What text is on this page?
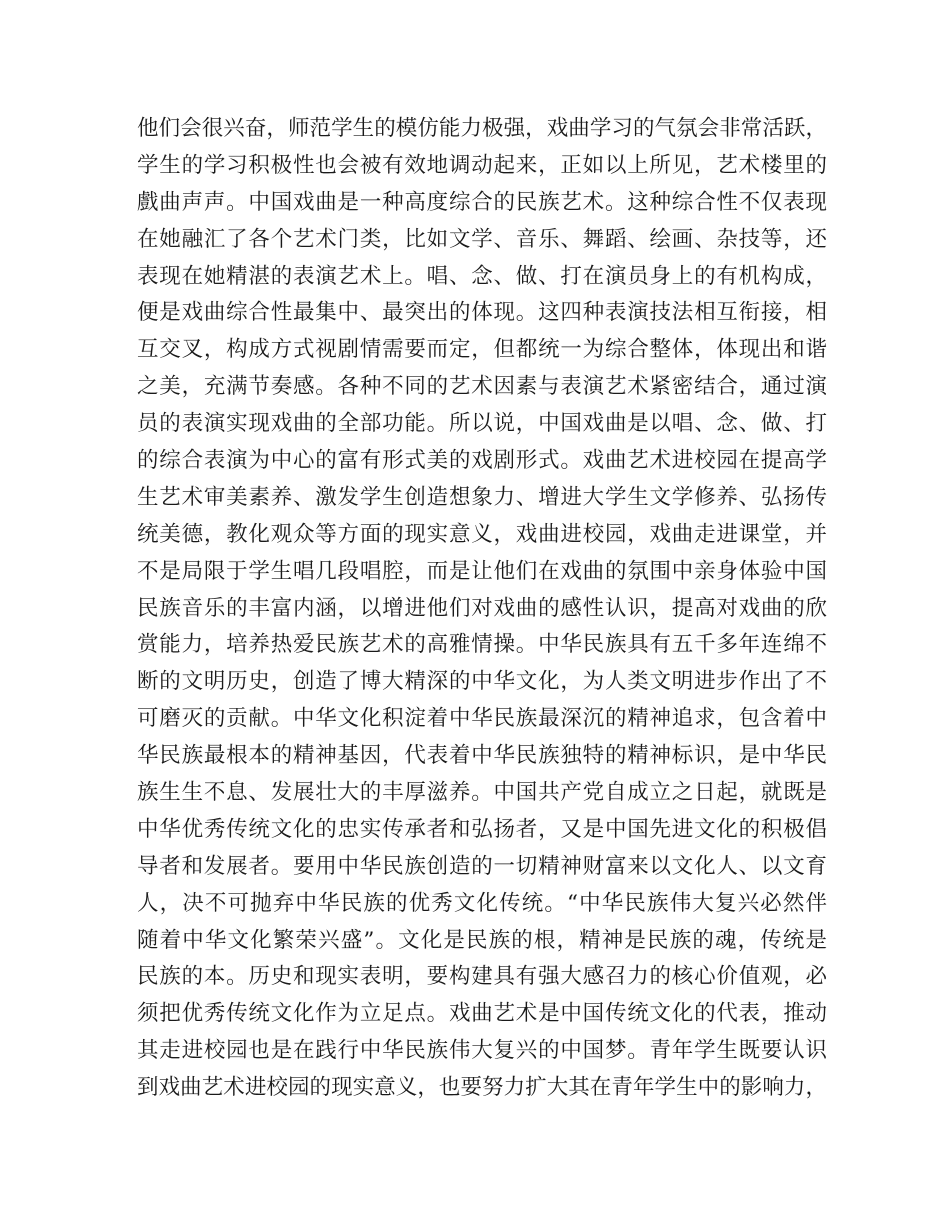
他们会很兴奋，师范学生的模仿能力极强，戏曲学习的气氛会非常活跃，
学生的学习积极性也会被有效地调动起来，正如以上所见，艺术楼里的
戲曲声声。中国戏曲是一种高度综合的民族艺术。这种综合性不仅表现
在她融汇了各个艺术门类，比如文学、音乐、舞蹈、绘画、杂技等，还
表现在她精湛的表演艺术上。唱、念、做、打在演员身上的有机构成，
便是戏曲综合性最集中、最突出的体现。这四种表演技法相互衔接，相
互交叉，构成方式视剧情需要而定，但都统一为综合整体，体现出和谐
之美，充满节奏感。各种不同的艺术因素与表演艺术紧密结合，通过演
员的表演实现戏曲的全部功能。所以说，中国戏曲是以唱、念、做、打
的综合表演为中心的富有形式美的戏剧形式。戏曲艺术进校园在提高学
生艺术审美素养、激发学生创造想象力、增进大学生文学修养、弘扬传
统美德，教化观众等方面的现实意义，戏曲进校园，戏曲走进课堂，并
不是局限于学生唱几段唱腔，而是让他们在戏曲的氛围中亲身体验中国
民族音乐的丰富内涵，以增进他们对戏曲的感性认识，提高对戏曲的欣
赏能力，培养热爱民族艺术的高雅情操。中华民族具有五千多年连绵不
断的文明历史，创造了博大精深的中华文化，为人类文明进步作出了不
可磨灭的贡献。中华文化积淀着中华民族最深沉的精神追求，包含着中
华民族最根本的精神基因，代表着中华民族独特的精神标识，是中华民
族生生不息、发展壮大的丰厚滋养。中国共产党自成立之日起，就既是
中华优秀传统文化的忠实传承者和弘扬者，又是中国先进文化的积极倡
导者和发展者。要用中华民族创造的一切精神财富来以文化人、以文育
人，决不可抛弃中华民族的优秀文化传统。“中华民族伟大复兴必然伴
随着中华文化繁荣兴盛”。文化是民族的根，精神是民族的魂，传统是
民族的本。历史和现实表明，要构建具有强大感召力的核心价值观，必
须把优秀传统文化作为立足点。戏曲艺术是中国传统文化的代表，推动
其走进校园也是在践行中华民族伟大复兴的中国梦。青年学生既要认识
到戏曲艺术进校园的现实意义，也要努力扩大其在青年学生中的影响力，
